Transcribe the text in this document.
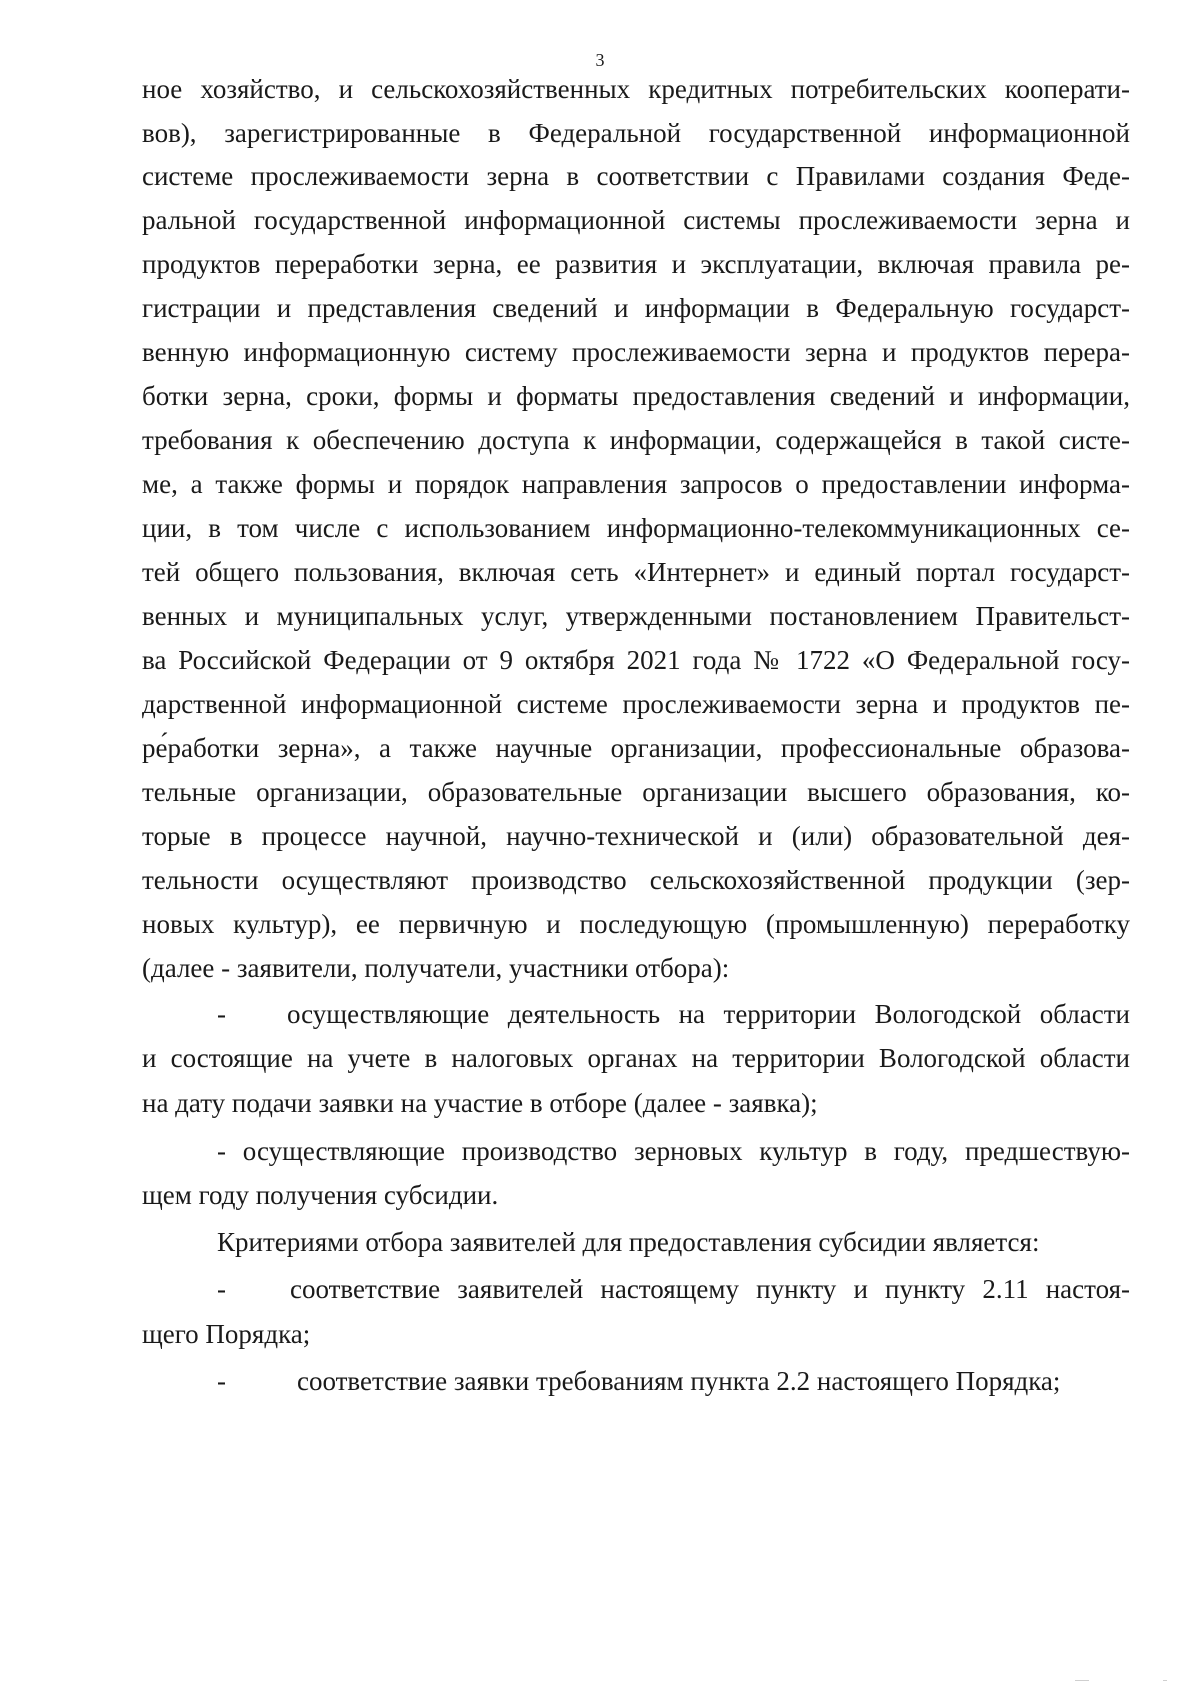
3
ное хозяйство, и сельскохозяйственных кредитных потребительских кооперати-
вов), зарегистрированные в Федеральной государственной информационной
системе прослеживаемости зерна в соответствии с Правилами создания Феде-
ральной государственной информационной системы прослеживаемости зерна и
продуктов переработки зерна, ее развития и эксплуатации, включая правила ре-
гистрации и представления сведений и информации в Федеральную государст-
венную информационную систему прослеживаемости зерна и продуктов перера-
ботки зерна, сроки, формы и форматы предоставления сведений и информации,
требования к обеспечению доступа к информации, содержащейся в такой систе-
ме, а также формы и порядок направления запросов о предоставлении информа-
ции, в том числе с использованием информационно-телекоммуникационных се-
тей общего пользования, включая сеть «Интернет» и единый портал государст-
венных и муниципальных услуг, утвержденными постановлением Правительст-
ва Российской Федерации от 9 октября 2021 года № 1722 «О Федеральной госу-
дарственной информационной системе прослеживаемости зерна и продуктов пе-
ре́работки зерна», а также научные организации, профессиональные образова-
тельные организации, образовательные организации высшего образования, ко-
торые в процессе научной, научно-технической и (или) образовательной дея-
тельности осуществляют производство сельскохозяйственной продукции (зер-
новых культур), ее первичную и последующую (промышленную) переработку
(далее - заявители, получатели, участники отбора):
- осуществляющие деятельность на территории Вологодской области
и состоящие на учете в налоговых органах на территории Вологодской области
на дату подачи заявки на участие в отборе (далее - заявка);
- осуществляющие производство зерновых культур в году, предшествую-
щем году получения субсидии.
Критериями отбора заявителей для предоставления субсидии является:
- соответствие заявителей настоящему пункту и пункту 2.11 настоя-
щего Порядка;
-	соответствие заявки требованиям пункта 2.2 настоящего Порядка;
